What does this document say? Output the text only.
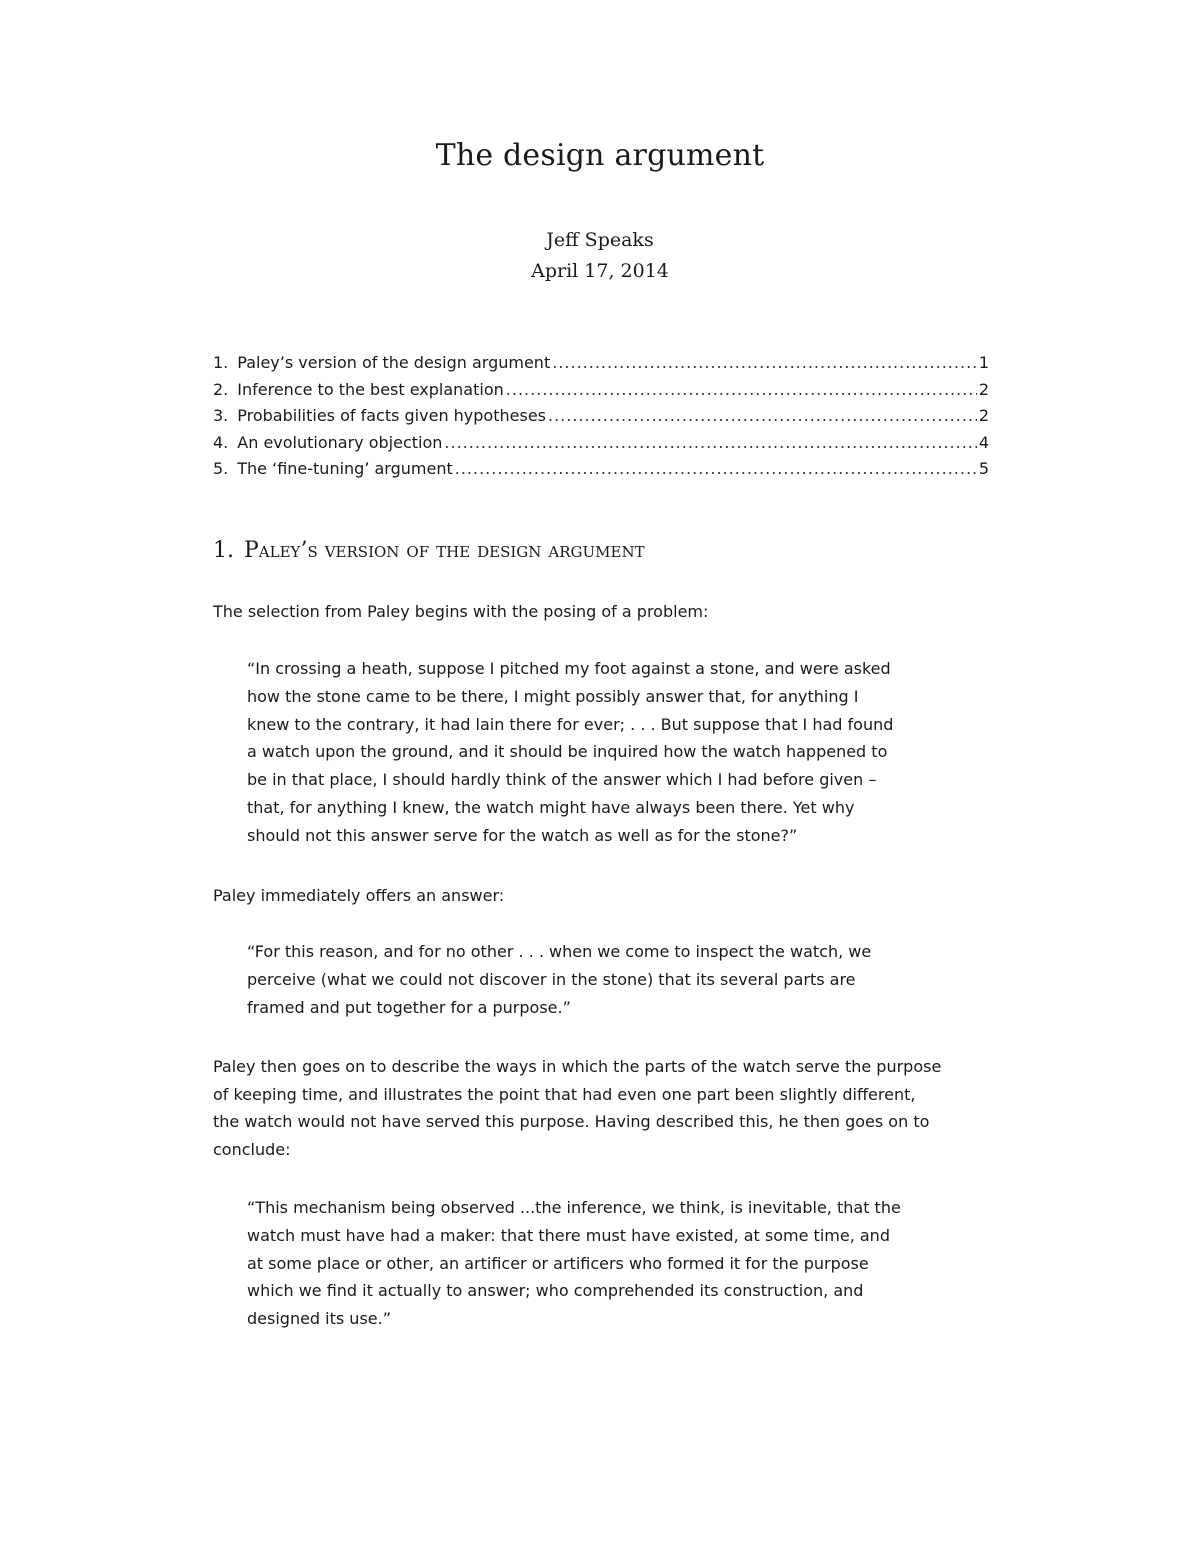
The design argument
Jeff Speaks
April 17, 2014
1. Paley’s version of the design argument .....	1
2. Inference to the best explanation .....	2
3. Probabilities of facts given hypotheses .....	2
4. An evolutionary objection .....	4
5. The ‘fine-tuning’ argument .....	5
1. Paley’s version of the design argument

The selection from Paley begins with the posing of a problem:

“In crossing a heath, suppose I pitched my foot against a stone, and were asked
how the stone came to be there, I might possibly answer that, for anything I
knew to the contrary, it had lain there for ever; . . . But suppose that I had found
a watch upon the ground, and it should be inquired how the watch happened to
be in that place, I should hardly think of the answer which I had before given –
that, for anything I knew, the watch might have always been there. Yet why
should not this answer serve for the watch as well as for the stone?”

Paley immediately offers an answer:

“For this reason, and for no other . . . when we come to inspect the watch, we
perceive (what we could not discover in the stone) that its several parts are
framed and put together for a purpose.”
Paley then goes on to describe the ways in which the parts of the watch serve the purpose
of keeping time, and illustrates the point that had even one part been slightly different,
the watch would not have served this purpose. Having described this, he then goes on to
conclude:
“This mechanism being observed ...the inference, we think, is inevitable, that the
watch must have had a maker: that there must have existed, at some time, and
at some place or other, an artificer or artificers who formed it for the purpose
which we find it actually to answer; who comprehended its construction, and
designed its use.”
